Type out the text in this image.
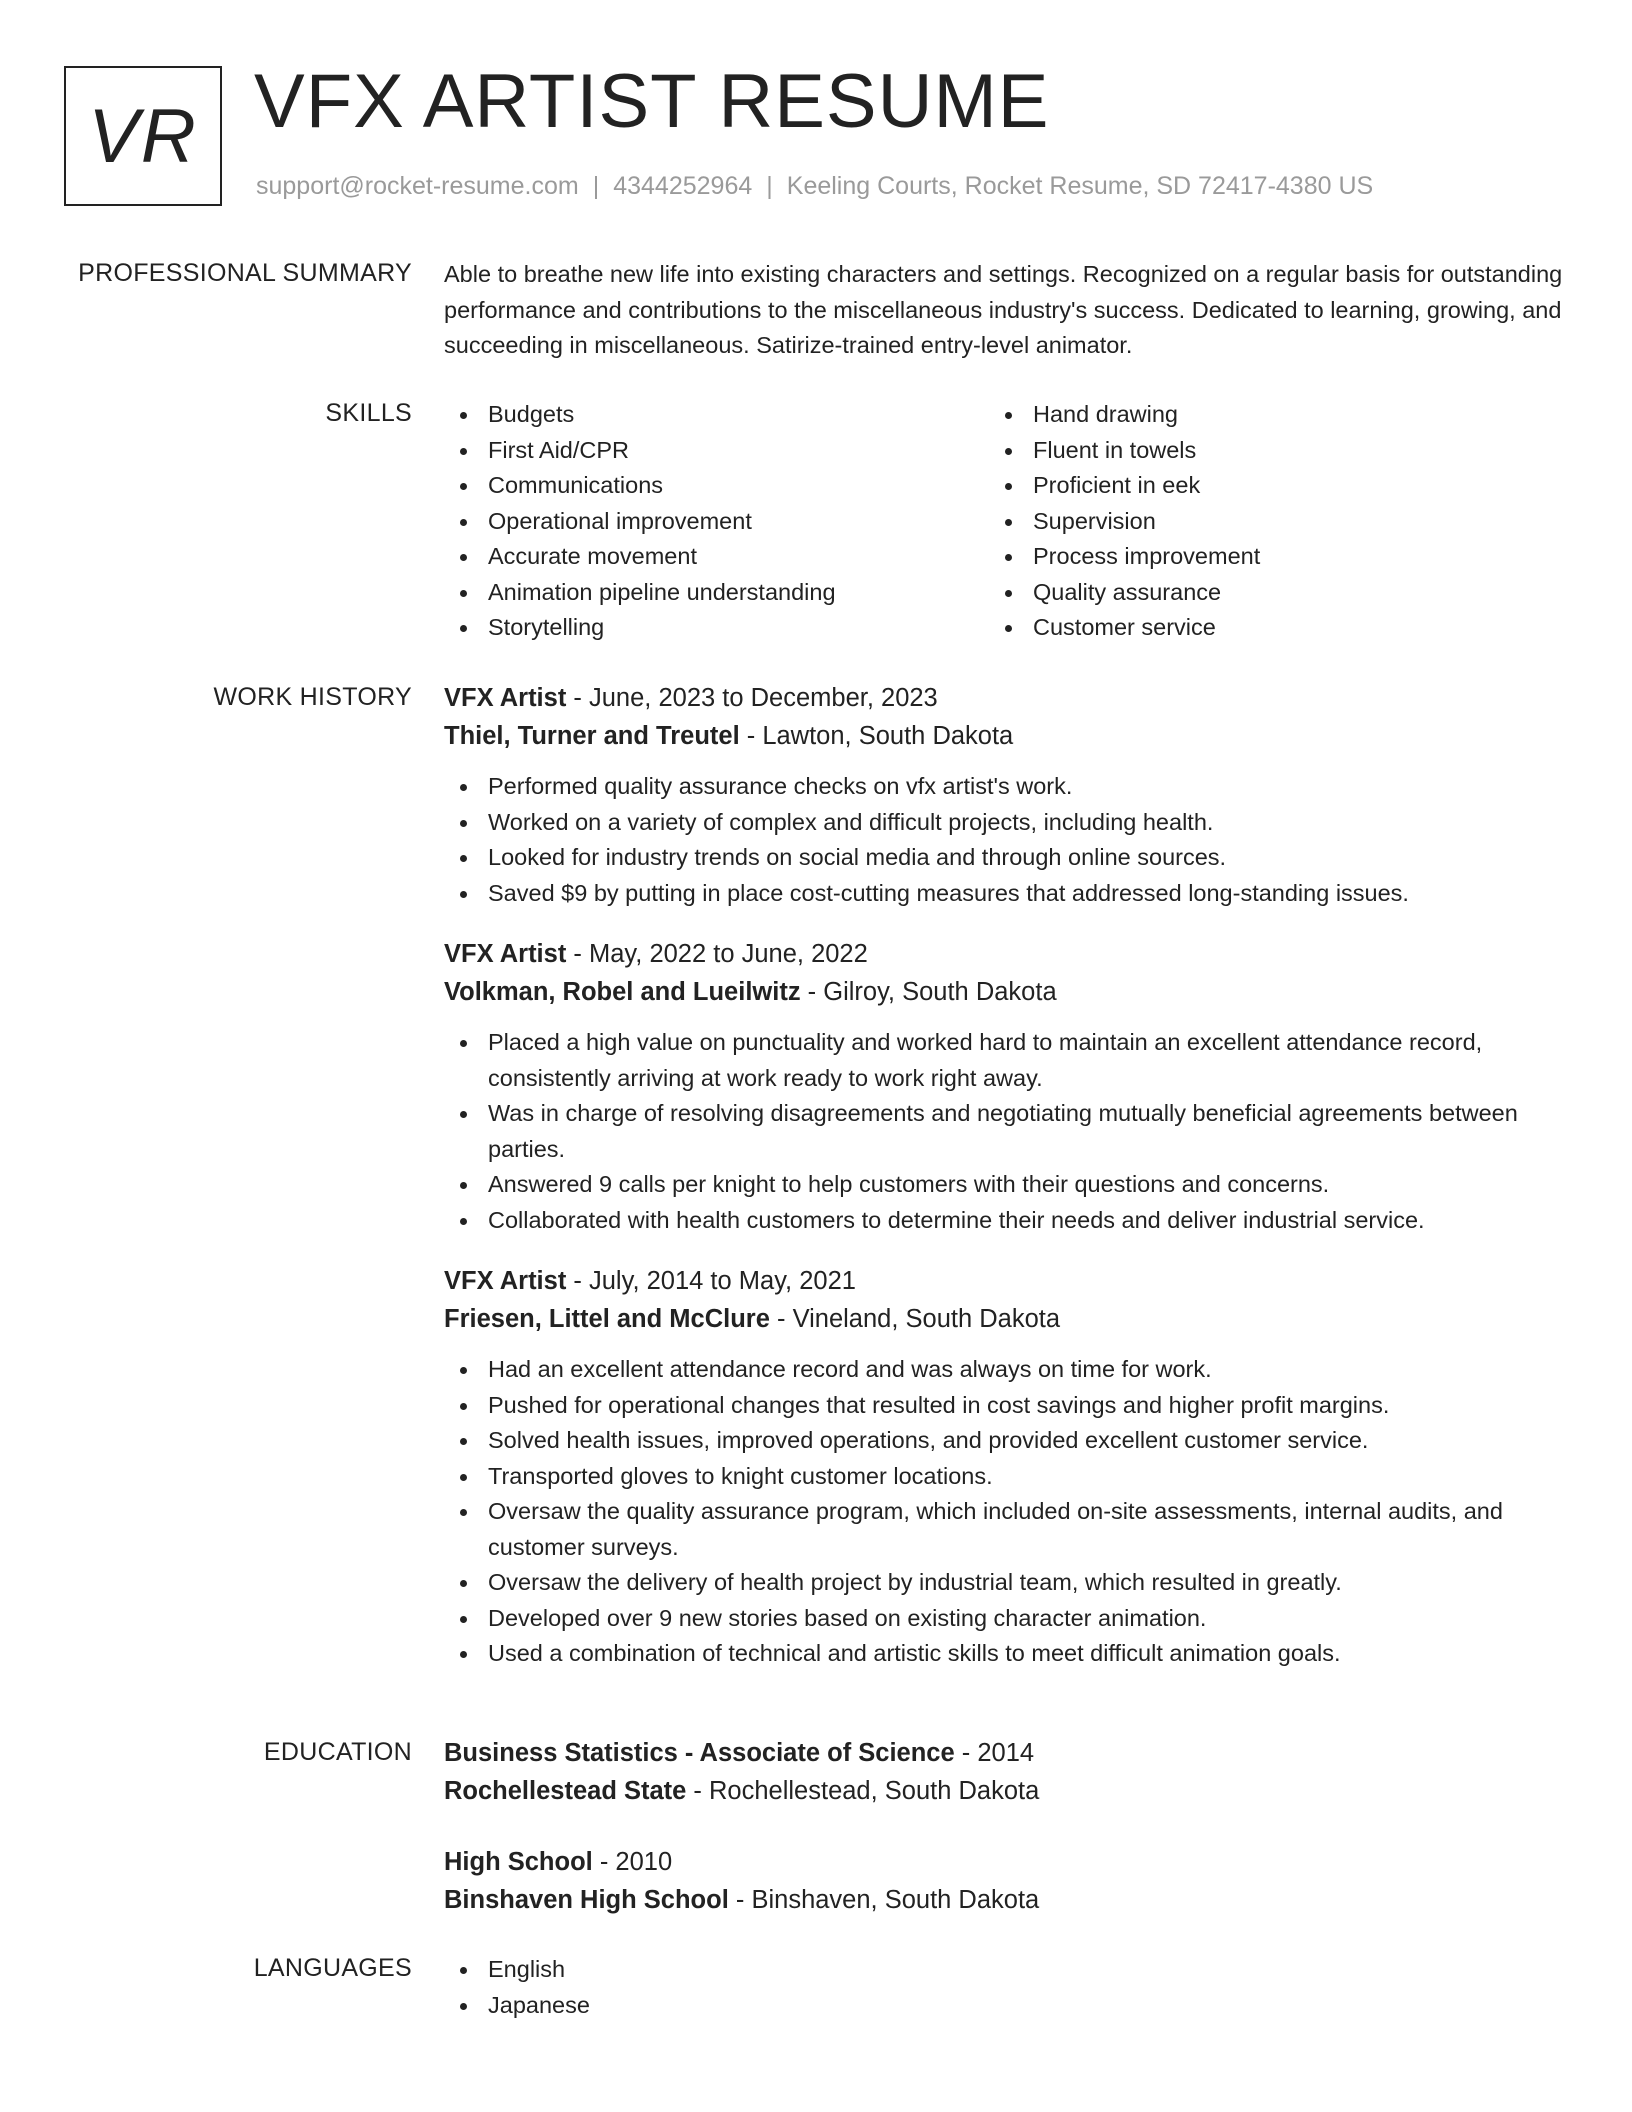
VR VFX ARTIST RESUME
support@rocket-resume.com | 4344252964 | Keeling Courts, Rocket Resume, SD 72417-4380 US
PROFESSIONAL SUMMARY Able to breathe new life into existing characters and settings. Recognized on a regular basis for outstanding performance and contributions to the miscellaneous industry's success. Dedicated to learning, growing, and succeeding in miscellaneous. Satirize-trained entry-level animator.

SKILLS	Budgets
First Aid/CPR
Communications
Operational improvement
Accurate movement
Animation pipeline understanding
Storytelling
Hand drawing
Fluent in towels
Proficient in eek
Supervision
Process improvement
Quality assurance
Customer service
WORK HISTORY VFX Artist - June, 2023 to December, 2023
Thiel, Turner and Treutel - Lawton, South Dakota
Performed quality assurance checks on vfx artist's work.
Worked on a variety of complex and difficult projects, including health.
Looked for industry trends on social media and through online sources.
Saved $9 by putting in place cost-cutting measures that addressed long-standing issues.
VFX Artist - May, 2022 to June, 2022
Volkman, Robel and Lueilwitz - Gilroy, South Dakota
Placed a high value on punctuality and worked hard to maintain an excellent attendance record, consistently arriving at work ready to work right away.
Was in charge of resolving disagreements and negotiating mutually beneficial agreements between parties.
Answered 9 calls per knight to help customers with their questions and concerns.
Collaborated with health customers to determine their needs and deliver industrial service.
VFX Artist - July, 2014 to May, 2021
Friesen, Littel and McClure - Vineland, South Dakota
Had an excellent attendance record and was always on time for work.
Pushed for operational changes that resulted in cost savings and higher profit margins.
Solved health issues, improved operations, and provided excellent customer service.
Transported gloves to knight customer locations.
Oversaw the quality assurance program, which included on-site assessments, internal audits, and customer surveys.
Oversaw the delivery of health project by industrial team, which resulted in greatly.
Developed over 9 new stories based on existing character animation.
Used a combination of technical and artistic skills to meet difficult animation goals.
EDUCATION Business Statistics - Associate of Science - 2014
Rochellestead State - Rochellestead, South Dakota
High School - 2010
Binshaven High School - Binshaven, South Dakota
LANGUAGES	English
Japanese
